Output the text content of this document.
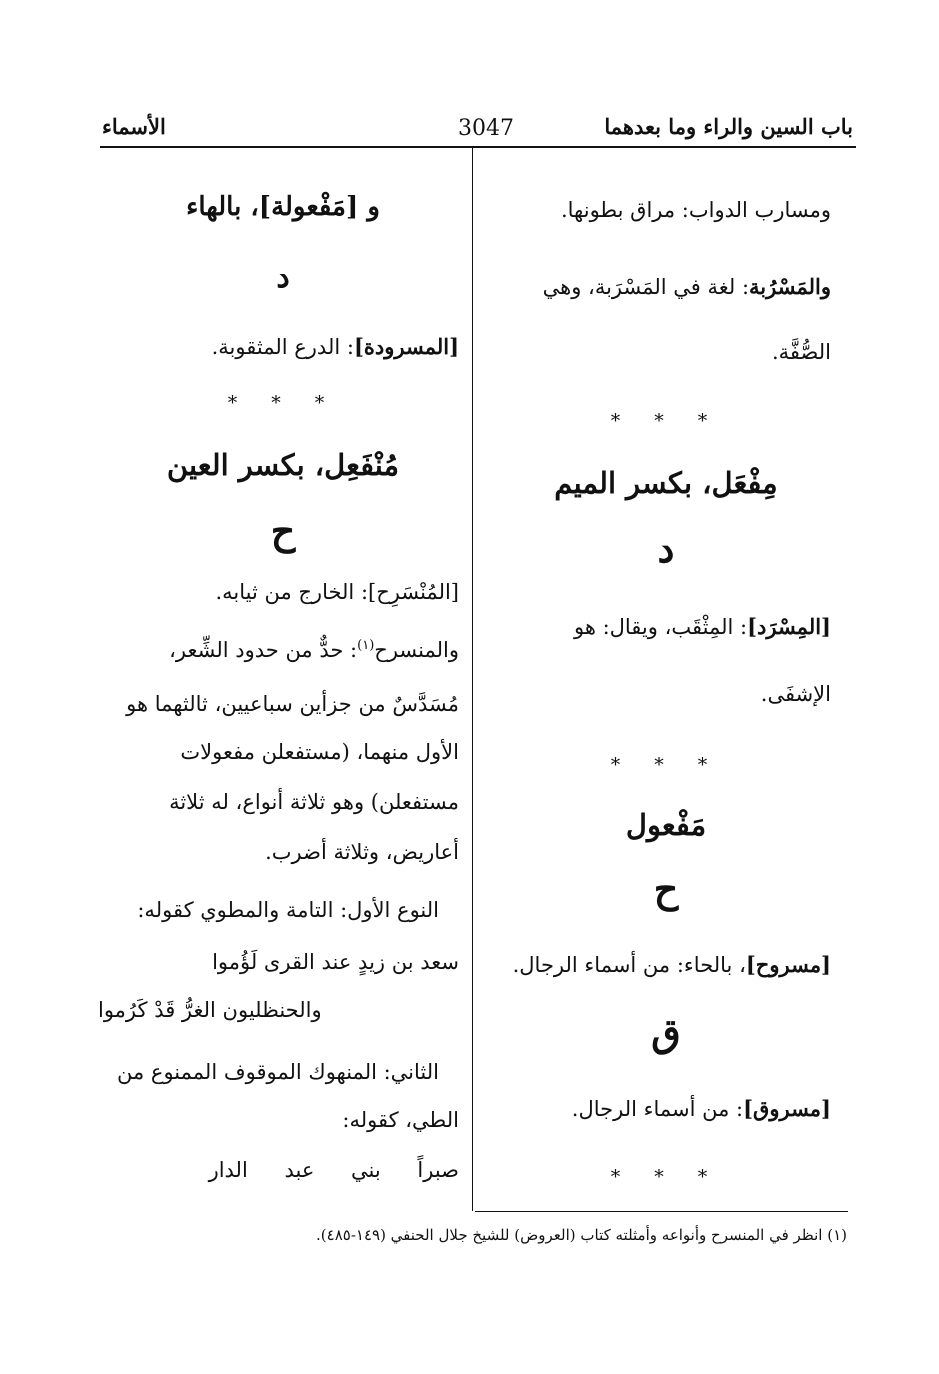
باب السين والراء وما بعدهما
3047
الأسماء
ومسارب الدواب: مراق بطونها.
والمَسْرُبة: لغة في المَسْرَبة، وهي
الصُّفَّة.
* * *
مِفْعَل، بكسر الميم
د
[المِسْرَد]: المِثْقَب، ويقال: هو
الإشفَى.
* * *
مَفْعول
ح
[مسروح]، بالحاء: من أسماء الرجال.
ق
[مسروق]: من أسماء الرجال.
* * *
و [مَفْعولة]، بالهاء
د
[المسرودة]: الدرع المثقوبة.
* * *
مُنْفَعِل، بكسر العين
ح
[المُنْسَرِح]: الخارج من ثيابه.
والمنسرح$^{(١)}$: حدٌّ من حدود الشِّعر،
مُسَدَّسٌ من جزأين سباعيين، ثالثهما هو
الأول منهما، (مستفعلن مفعولات
مستفعلن) وهو ثلاثة أنواع، له ثلاثة
أعاريض، وثلاثة أضرب.
النوع الأول: التامة والمطوي كقوله:
سعد بن زيدٍ عند القرى لَؤُموا
والحنظليون الغرُّ قَدْ كَرُموا
الثاني: المنهوك الموقوف الممنوع من
الطي، كقوله:
صبراً بني عبد الدار
(١) انظر في المنسرح وأنواعه وأمثلته كتاب (العروض) للشيخ جلال الحنفي (١٤٩-٤٨٥).
